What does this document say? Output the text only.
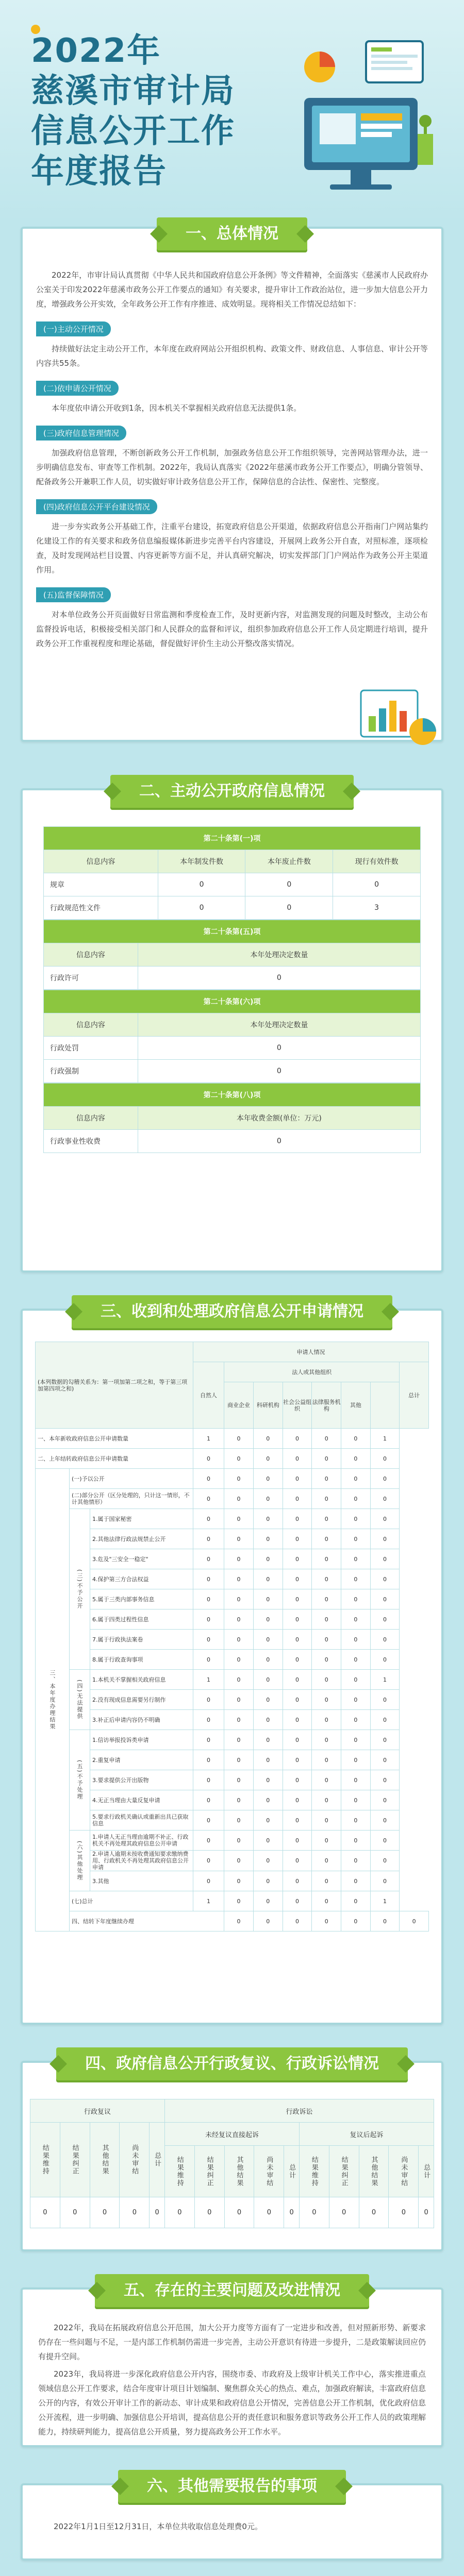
2022年
慈溪市审计局
信息公开工作
年度报告
一、总体情况

2022年，市审计局认真贯彻《中华人民共和国政府信息公开条例》等文件精神，全面落实《慈溪市人民政府办公室关于印发2022年慈溪市政务公开工作要点的通知》有关要求，提升审计工作政治站位，进一步加大信息公开力度，增强政务公开实效，全年政务公开工作有序推进、成效明显。现将相关工作情况总结如下：

(一)主动公开情况

持续做好法定主动公开工作，本年度在政府网站公开组织机构、政策文件、财政信息、人事信息、审计公开等内容共55条。

(二)依申请公开情况

本年度依申请公开收到1条，因本机关不掌握相关政府信息无法提供1条。

(三)政府信息管理情况

加强政府信息管理，不断创新政务公开工作机制，加强政务信息公开工作组织领导，完善网站管理办法，进一步明确信息发布、审查等工作机制。2022年，我局认真落实《2022年慈溪市政务公开工作要点》，明确分管领导、配备政务公开兼职工作人员，切实做好审计政务信息公开工作，保障信息的合法性、保密性、完整度。

(四)政府信息公开平台建设情况

进一步夯实政务公开基础工作，注重平台建设，拓宽政府信息公开渠道，依据政府信息公开指南门户网站集约化建设工作的有关要求和政务信息编报媒体新进步完善平台内容建设，开展网上政务公开自查，对照标准，逐项检查，及时发现网站栏目设置、内容更新等方面不足，并认真研究解决，切实发挥部门门户网站作为政务公开主渠道作用。

(五)监督保障情况

对本单位政务公开页面做好日常监测和季度检查工作，及时更新内容，对监测发现的问题及时整改，主动公布监督投诉电话，积极接受相关部门和人民群众的监督和评议，组织参加政府信息公开工作人员定期进行培训，提升政务公开工作重视程度和理论基础，督促做好评价生主动公开整改落实情况。

二、主动公开政府信息情况
第二十条第(一)项			
信息内容	本年制发件数	本年废止件数	现行有效件数
规章	0	0	0
行政规范性文件	0	0	3
第二十条第(五)项	
信息内容	本年处理决定数量
行政许可	0
第二十条第(六)项	
信息内容	本年处理决定数量
行政处罚	0
行政强制	0
第二十条第(八)项	
信息内容	本年收费金额(单位：万元)
行政事业性收费	0
三、收到和处理政府信息公开申请情况
(本列数据的勾稽关系为：第一项加第二项之和，等于第三项加第四项之和)			申请人情况							
			自然人	法人或其他组织						总计
				商业企业	科研机构	社会公益组织	法律服务机构	其他		
一、本年新收政府信息公开申请数量			1	0	0	0	0	0	1	
二、上年结转政府信息公开申请数量			0	0	0	0	0	0	0	
三、本年度办理结果	(一)予以公开		0	0	0	0	0	0	0	
	(二)部分公开（区分处理的，只计这一情形，不计其他情形）		0	0	0	0	0	0	0	
	(三)不予公开	1.属于国家秘密	0	0	0	0	0	0	0	
		2.其他法律行政法规禁止公开	0	0	0	0	0	0	0	
		3.危及"三安全一稳定"	0	0	0	0	0	0	0	
		4.保护第三方合法权益	0	0	0	0	0	0	0	
		5.属于三类内部事务信息	0	0	0	0	0	0	0	
		6.属于四类过程性信息	0	0	0	0	0	0	0	
		7.属于行政执法案卷	0	0	0	0	0	0	0	
		8.属于行政查询事项	0	0	0	0	0	0	0	
	(四)无法提供	1.本机关不掌握相关政府信息	1	0	0	0	0	0	1	
		2.没有现成信息需要另行制作	0	0	0	0	0	0	0	
		3.补正后申请内容仍不明确	0	0	0	0	0	0	0	
	(五)不予处理	1.信访举报投诉类申请	0	0	0	0	0	0	0	
		2.重复申请	0	0	0	0	0	0	0	
		3.要求提供公开出版物	0	0	0	0	0	0	0	
		4.无正当理由大量反复申请	0	0	0	0	0	0	0	
		5.要求行政机关确认或重新出具已获取信息	0	0	0	0	0	0	0	
	(六)其他处理	1.申请人无正当理由逾期不补正、行政机关不再处理其政府信息公开申请	0	0	0	0	0	0	0	
		2.申请人逾期未按收费通知要求缴纳费用、行政机关不再处理其政府信息公开申请	0	0	0	0	0	0	0	
		3.其他	0	0	0	0	0	0	0	
	(七)总计		1	0	0	0	0	0	1	
	四、结转下年度继续办理			0	0	0	0	0	0	0
四、政府信息公开行政复议、行政诉讼情况
行政复议					行政诉讼									
结果维持	结果纠正	其他结果	尚未审结	总计	未经复议直接起诉					复议后起诉				
					结果维持	结果纠正	其他结果	尚未审结	总计	结果维持	结果纠正	其他结果	尚未审结	总计
0	0	0	0	0	0	0	0	0	0	0	0	0	0	0
五、存在的主要问题及改进情况

2022年，我局在拓展政府信息公开范围，加大公开力度等方面有了一定进步和改善，但对照新形势、新要求仍存在一些问题与不足，一是内部工作机制仍需进一步完善，主动公开意识有待进一步提升，二是政策解读回应仍有提升空间。

2023年，我局将进一步深化政府信息公开内容，围绕市委、市政府及上级审计机关工作中心，落实推进重点领域信息公开工作要求，结合年度审计项目计划编制、聚焦群众关心的热点、难点，加强政府解读，丰富政府信息公开的内容，有效公开审计工作的新动态、审计成果和政府信息公开情况，完善信息公开工作机制，优化政府信息公开流程，进一步明确、加强信息公开培训，提高信息公开的责任意识和服务意识等政务公开工作人员的政策理解能力，持续研判能力，提高信息公开质量，努力提高政务公开工作水平。

六、其他需要报告的事项

2022年1月1日至12月31日，本单位共收取信息处理费0元。
